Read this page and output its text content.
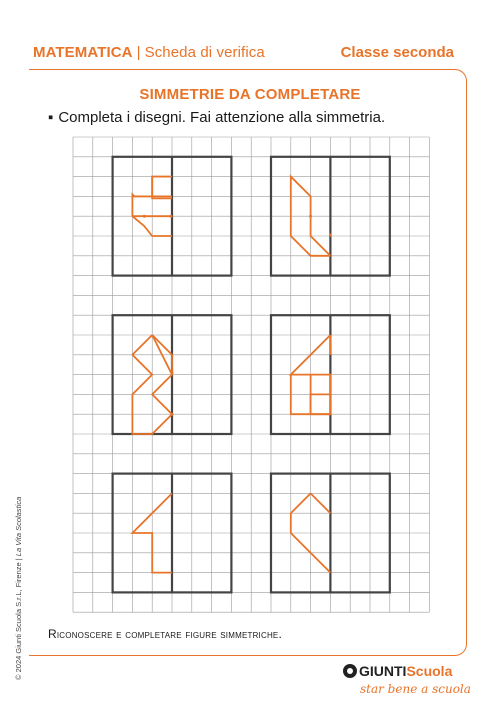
MATEMATICA | Scheda di verifica	Classe seconda
SIMMETRIE DA COMPLETARE
▪ Completa i disegni. Fai attenzione alla simmetria.
Riconoscere e completare figure simmetriche.
© 2024 Giunti Scuola S.r.L, Firenze | La Vita Scolastica
GIUNTIScuola
star bene a scuola
